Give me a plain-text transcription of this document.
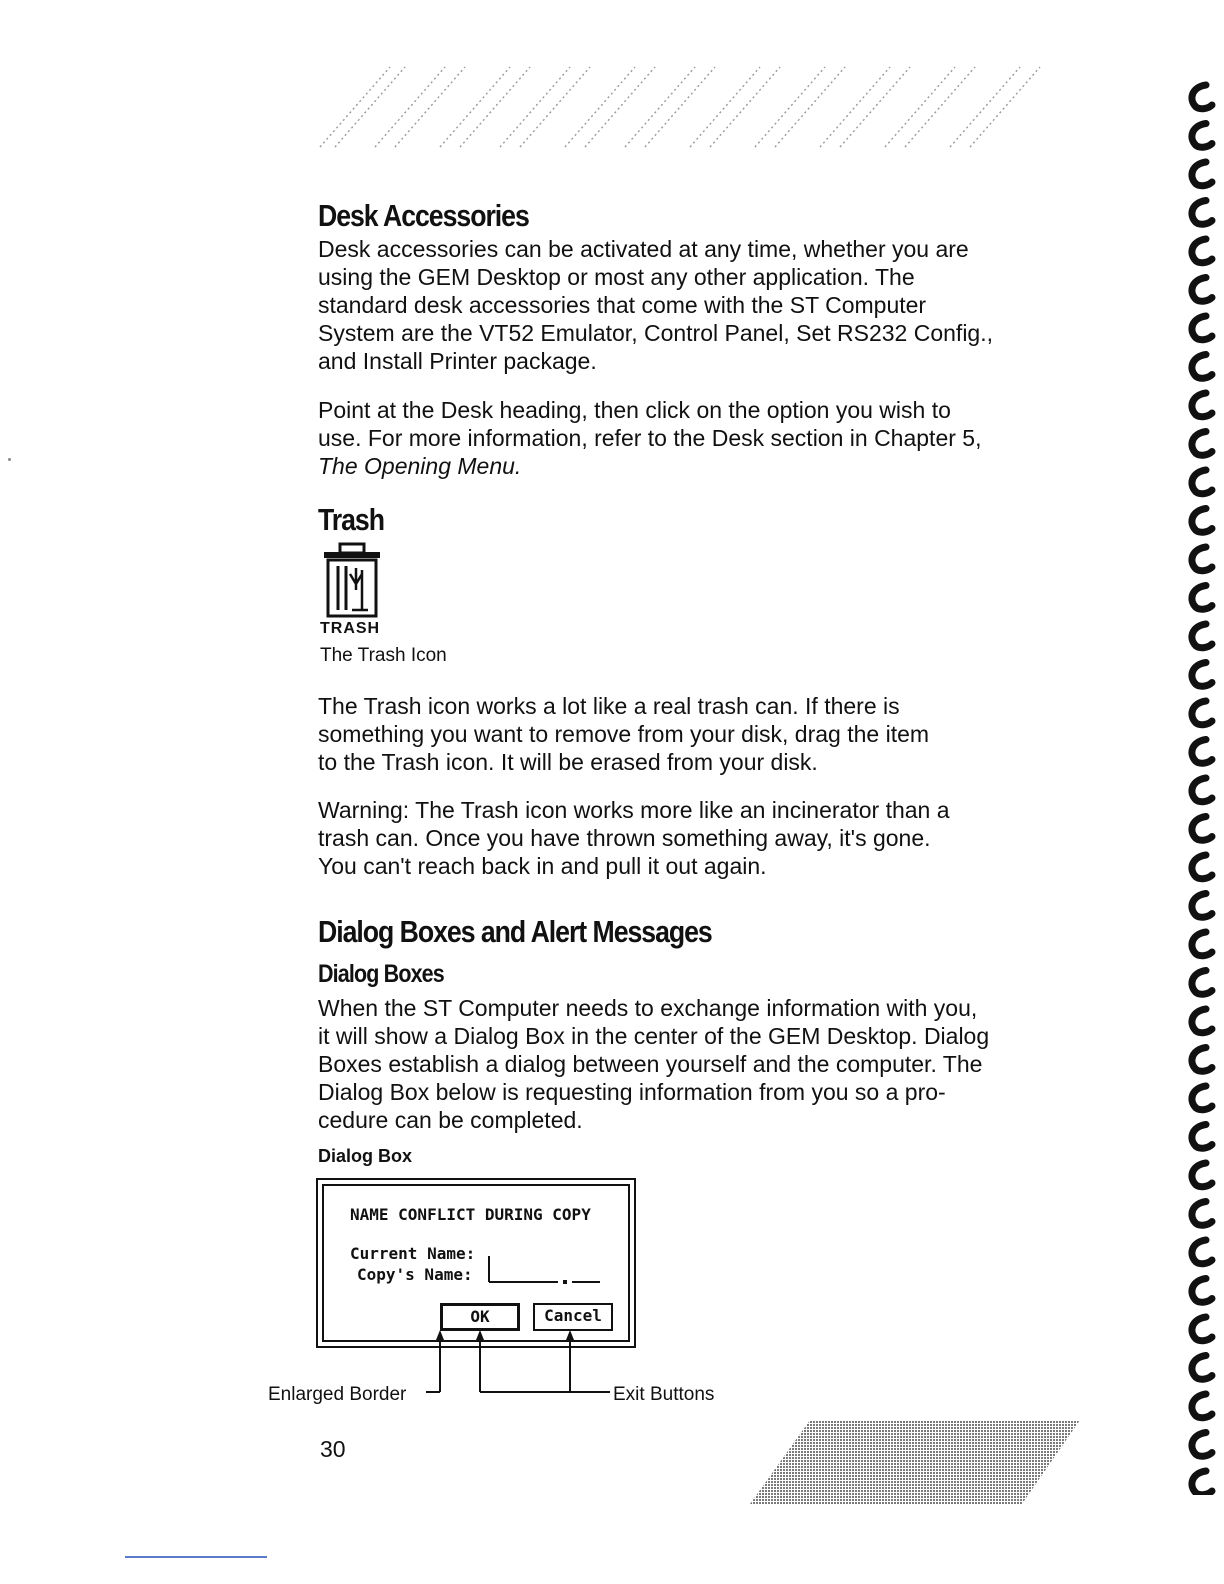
Desk Accessories

Desk accessories can be activated at any time, whether you are
using the GEM Desktop or most any other application. The
standard desk accessories that come with the ST Computer
System are the VT52 Emulator, Control Panel, Set RS232 Config.,
and Install Printer package.

Point at the Desk heading, then click on the option you wish to
use. For more information, refer to the Desk section in Chapter 5,
The Opening Menu.

Trash

TRASH

The Trash Icon

The Trash icon works a lot like a real trash can. If there is
something you want to remove from your disk, drag the item
to the Trash icon. It will be erased from your disk.

Warning: The Trash icon works more like an incinerator than a
trash can. Once you have thrown something away, it's gone.
You can't reach back in and pull it out again.

Dialog Boxes and Alert Messages
Dialog Boxes

When the ST Computer needs to exchange information with you,
it will show a Dialog Box in the center of the GEM Desktop. Dialog
Boxes establish a dialog between yourself and the computer. The
Dialog Box below is requesting information from you so a pro-
cedure can be completed.

Dialog Box

NAME CONFLICT DURING COPY

Current Name:

Copy's Name:

OK	Cancel

Enlarged Border	Exit Buttons

30
